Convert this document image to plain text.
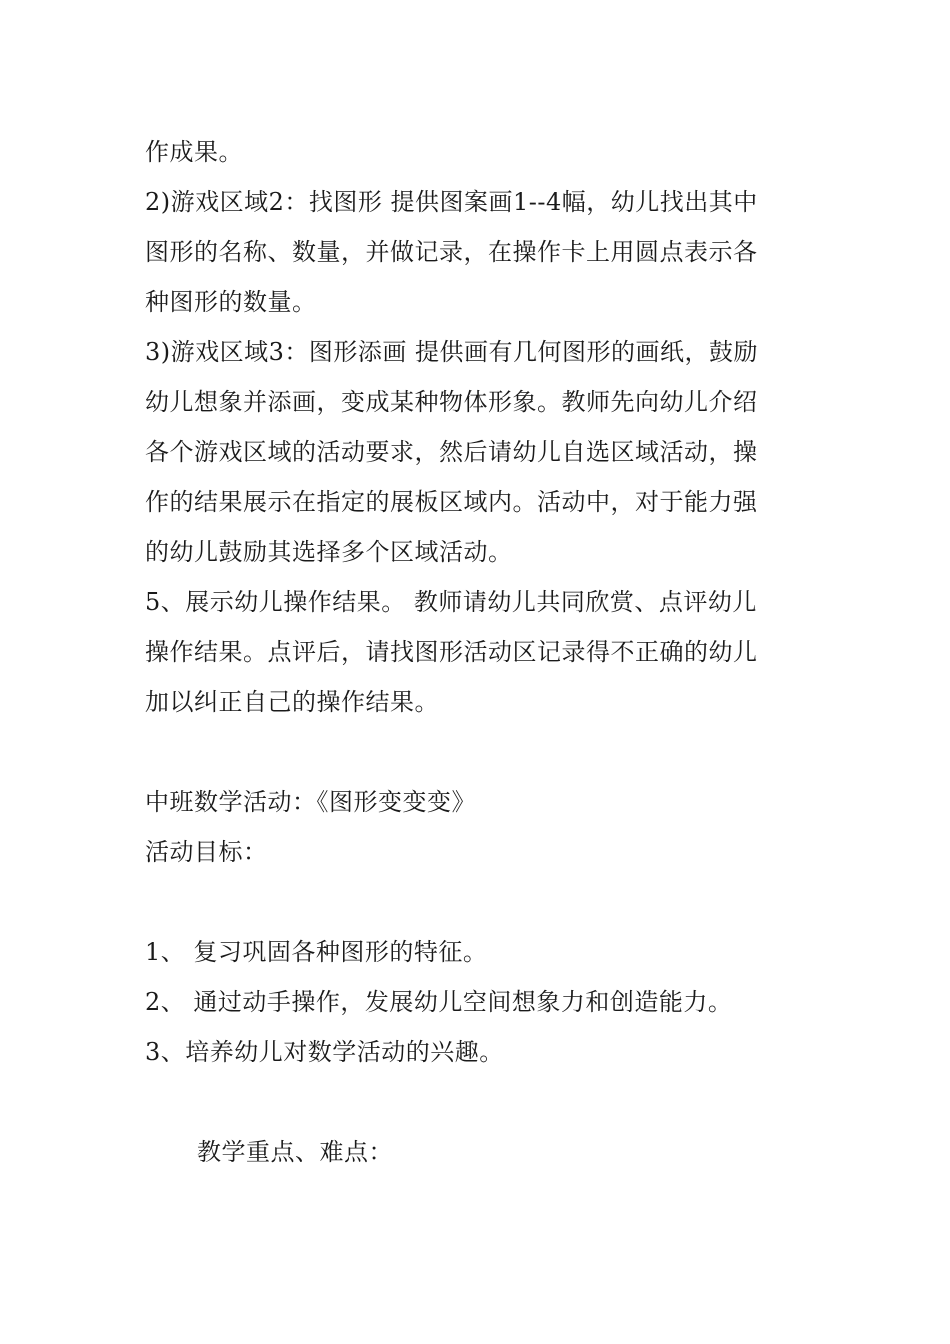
作成果。
2)游戏区域2：找图形 提供图案画1--4幅，幼儿找出其中
图形的名称、数量，并做记录，在操作卡上用圆点表示各
种图形的数量。
3)游戏区域3：图形添画 提供画有几何图形的画纸，鼓励
幼儿想象并添画，变成某种物体形象。教师先向幼儿介绍
各个游戏区域的活动要求，然后请幼儿自选区域活动，操
作的结果展示在指定的展板区域内。活动中，对于能力强
的幼儿鼓励其选择多个区域活动。
5、展示幼儿操作结果。 教师请幼儿共同欣赏、点评幼儿
操作结果。点评后，请找图形活动区记录得不正确的幼儿
加以纠正自己的操作结果。
中班数学活动：《图形变变变》
活动目标：
1、 复习巩固各种图形的特征。
2、 通过动手操作，发展幼儿空间想象力和创造能力。
3、培养幼儿对数学活动的兴趣。
教学重点、难点：
